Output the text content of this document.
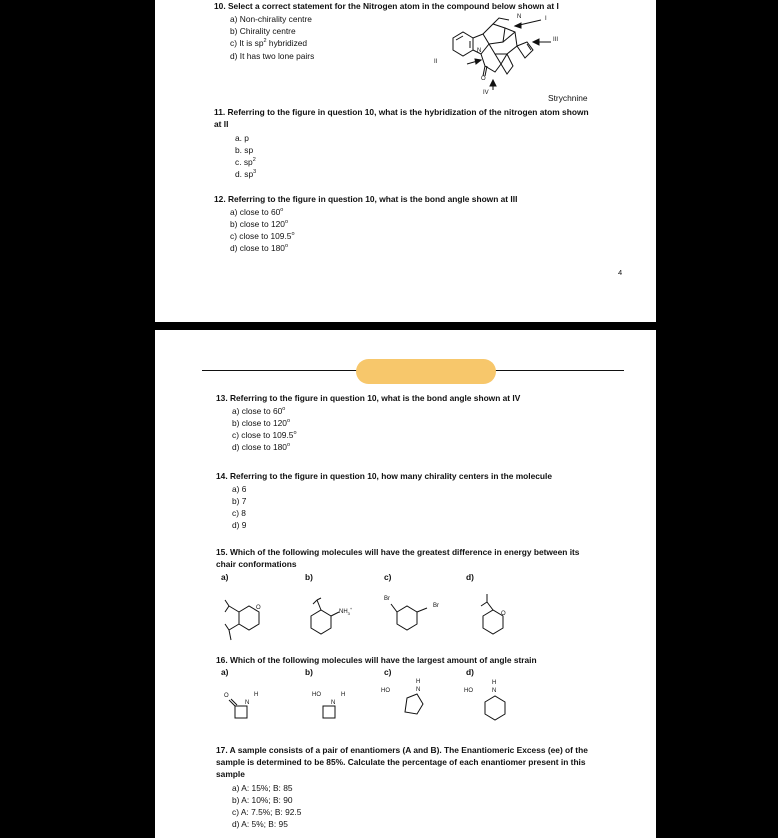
10. Select a correct statement for the Nitrogen atom in the compound below shown at I
a) Non-chirality centre
b) Chirality centre
c) It is $sp^2$ hybridized
d) It has two lone pairs
N
N
O
I
III
II
IV	Strychnine
11. Referring to the figure in question 10, what is the hybridization of the nitrogen atom shown
at II
a. p
b. sp
c. $sp^2$
d. $sp^3$
12. Referring to the figure in question 10, what is the bond angle shown at III
a) close to 60$^o$
b) close to 120$^o$
c) close to 109.5$^o$
d) close to 180$^o$
4
13. Referring to the figure in question 10, what is the bond angle shown at IV
a) close to 60$^o$
b) close to 120$^o$
c) close to 109.5$^o$
d) close to 180$^o$
14. Referring to the figure in question 10, how many chirality centers in the molecule
a) 6
b) 7
c) 8
d) 9
15. Which of the following molecules will have the greatest difference in energy between its
chair conformations
a)	b)	c)	d)
O
$NH_3^+$
Br
Br
O
16. Which of the following molecules will have the largest amount of angle strain
a)	b)	c)	d)
O
N
H	HO
N
H
HO	N
H
HO	N
H
17. A sample consists of a pair of enantiomers (A and B). The Enantiomeric Excess (ee) of the
sample is determined to be 85%. Calculate the percentage of each enantiomer present in this
sample
a) A: 15%; B: 85
b) A: 10%; B: 90
c) A: 7.5%; B: 92.5
d) A: 5%; B: 95
